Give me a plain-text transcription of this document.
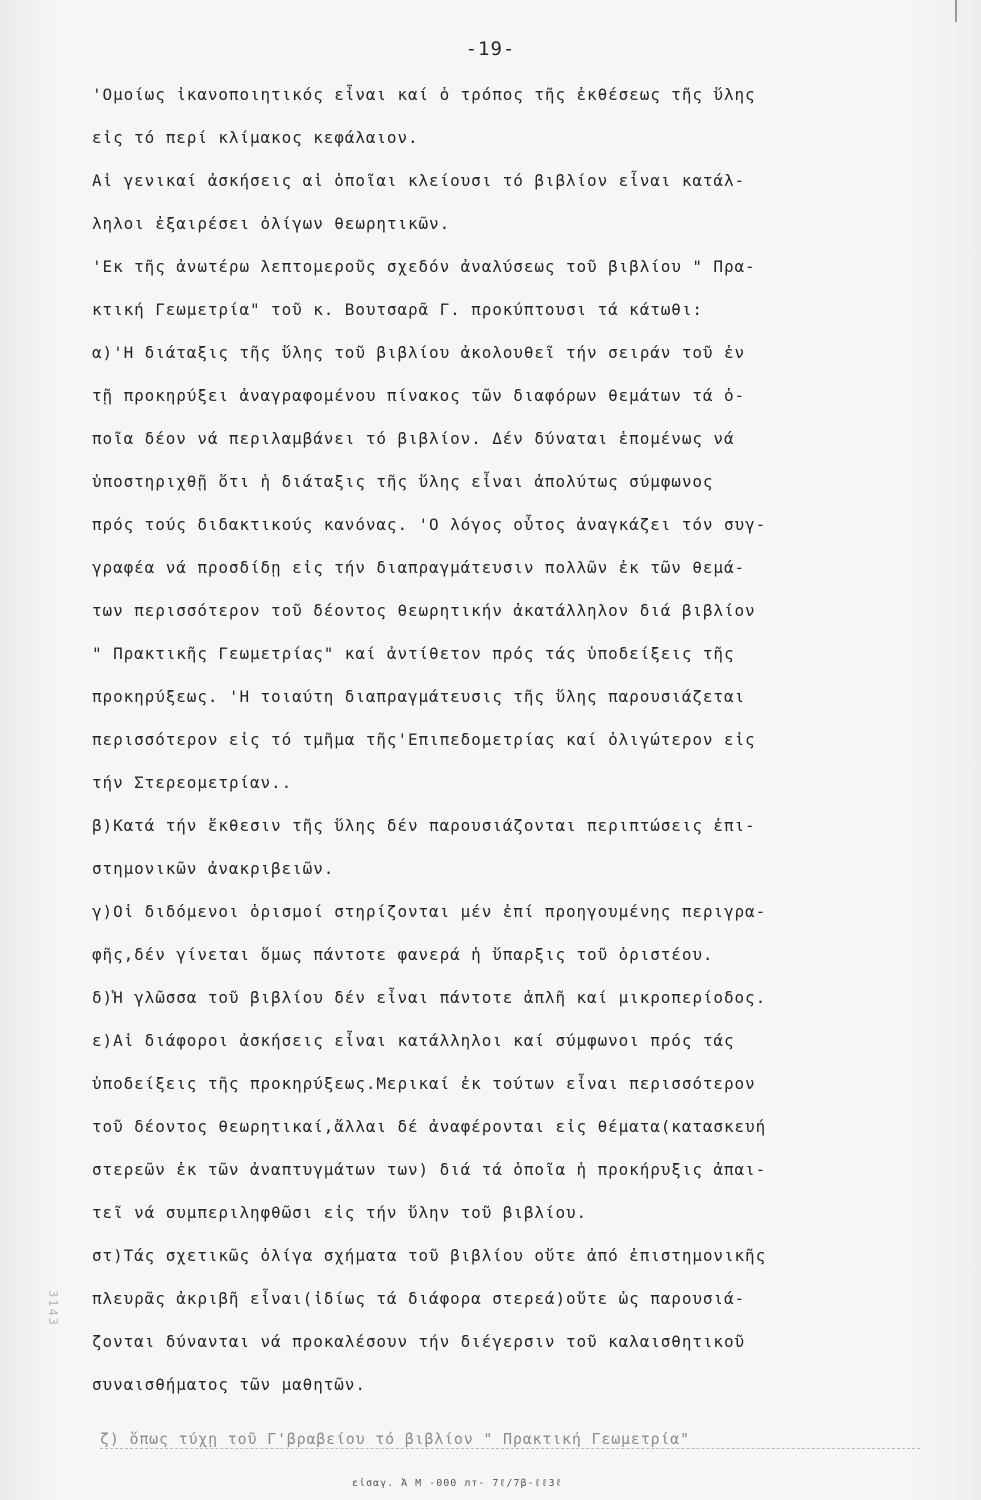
-19-
'Ομοίως ἰκανοποιητικός εἶναι καί ὁ τρόπος τῆς ἐκθέσεως τῆς ὕλης
εἰς τό περί κλίμακος κεφάλαιον.
Αἱ γενικαί ἀσκήσεις αἱ ὁποῖαι κλείουσι τό βιβλίον εἶναι κατάλ-
ληλοι ἐξαιρέσει ὀλίγων θεωρητικῶν.
'Εκ τῆς ἀνωτέρω λεπτομεροῦς σχεδόν ἀναλύσεως τοῦ βιβλίου " Πρα-
κτική Γεωμετρία" τοῦ κ. Βουτσαρᾶ Γ. προκύπτουσι τά κάτωθι:
α)'Η διάταξις τῆς ὕλης τοῦ βιβλίου ἀκολουθεῖ τήν σειράν τοῦ ἐν
τῇ προκηρύξει ἀναγραφομένου πίνακος τῶν διαφόρων θεμάτων τά ὁ-
ποῖα δέον νά περιλαμβάνει τό βιβλίον. Δέν δύναται ἑπομένως νά
ὑποστηριχθῇ ὅτι ἡ διάταξις τῆς ὕλης εἶναι ἀπολύτως σύμφωνος
πρός τούς διδακτικούς κανόνας. 'Ο λόγος οὗτος ἀναγκάζει τόν συγ-
γραφέα νά προσδίδῃ εἰς τήν διαπραγμάτευσιν πολλῶν ἐκ τῶν θεμά-
των περισσότερον τοῦ δέοντος θεωρητικήν ἀκατάλληλον διά βιβλίον
" Πρακτικῆς Γεωμετρίας" καί ἀντίθετον πρός τάς ὑποδείξεις τῆς
προκηρύξεως. 'Η τοιαύτη διαπραγμάτευσις τῆς ὕλης παρουσιάζεται
περισσότερον εἰς τό τμῆμα τῆς'Επιπεδομετρίας καί ὀλιγώτερον εἰς
τήν Στερεομετρίαν..
β)Κατά τήν ἔκθεσιν τῆς ὕλης δέν παρουσιάζονται περιπτώσεις ἐπι-
στημονικῶν ἀνακριβειῶν.
γ)Οἱ διδόμενοι ὁρισμοί στηρίζονται μέν ἐπί προηγουμένης περιγρα-
φῆς,δέν γίνεται ὅμως πάντοτε φανερά ἡ ὕπαρξις τοῦ ὁριστέου.
δ)Ἡ γλῶσσα τοῦ βιβλίου δέν εἶναι πάντοτε ἁπλῆ καί μικροπερίοδος.
ε)Αἱ διάφοροι ἀσκήσεις εἶναι κατάλληλοι καί σύμφωνοι πρός τάς
ὑποδείξεις τῆς προκηρύξεως.Μερικαί ἐκ τούτων εἶναι περισσότερον
τοῦ δέοντος θεωρητικαί,ἄλλαι δέ ἀναφέρονται εἰς θέματα(κατασκευή
στερεῶν ἐκ τῶν ἀναπτυγμάτων των) διά τά ὁποῖα ἡ προκήρυξις ἀπαι-
τεῖ νά συμπεριληφθῶσι εἰς τήν ὕλην τοῦ βιβλίου.
στ)Τάς σχετικῶς ὀλίγα σχήματα τοῦ βιβλίου οὔτε ἀπό ἐπιστημονικῆς
πλευρᾶς ἀκριβῆ εἶναι(ἰδίως τά διάφορα στερεά)οὔτε ὡς παρουσιά-
ζονται δύνανται νά προκαλέσουν τήν διέγερσιν τοῦ καλαισθητικοῦ
συναισθήματος τῶν μαθητῶν.
ζ) ὅπως τύχῃ τοῦ Γ'βραβείου τό βιβλίον " Πρακτική Γεωμετρία"
εἰσαγ. Ἀ Μ -000 лт- 7ℓ/7β-ℓℓ3ℓ
3143
